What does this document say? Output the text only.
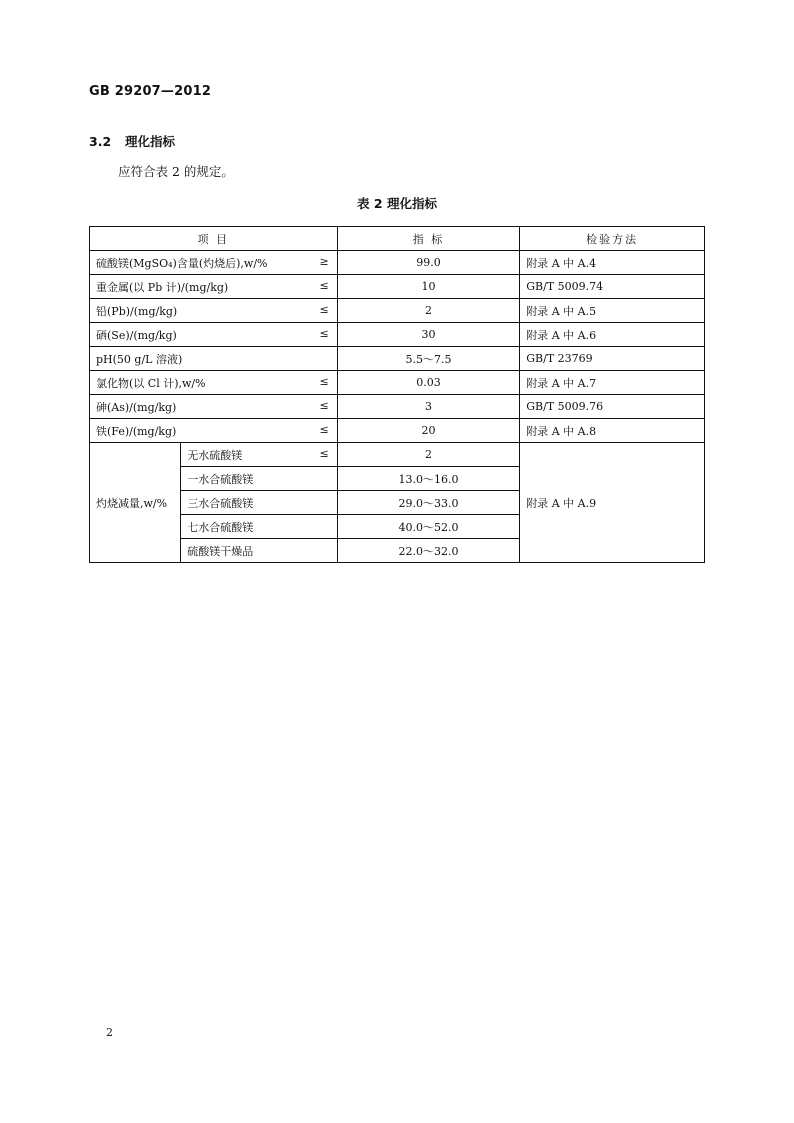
GB 29207—2012
3.2 理化指标
应符合表 2 的规定。
表 2 理化指标
项 目		指 标	检验方法
硫酸镁(MgSO₄)含量(灼烧后),w/% ≥		99.0	附录 A 中 A.4
重金属(以 Pb 计)/(mg/kg) ≤		10	GB/T 5009.74
铅(Pb)/(mg/kg) ≤		2	附录 A 中 A.5
硒(Se)/(mg/kg) ≤		30	附录 A 中 A.6
pH(50 g/L 溶液)		5.5～7.5	GB/T 23769
氯化物(以 Cl 计),w/% ≤		0.03	附录 A 中 A.7
砷(As)/(mg/kg) ≤		3	GB/T 5009.76
铁(Fe)/(mg/kg) ≤		20	附录 A 中 A.8
灼烧减量,w/%	无水硫酸镁 ≤	2	附录 A 中 A.9
	一水合硫酸镁	13.0～16.0	
	三水合硫酸镁	29.0～33.0	
	七水合硫酸镁	40.0～52.0	
	硫酸镁干燥品	22.0～32.0	
2
